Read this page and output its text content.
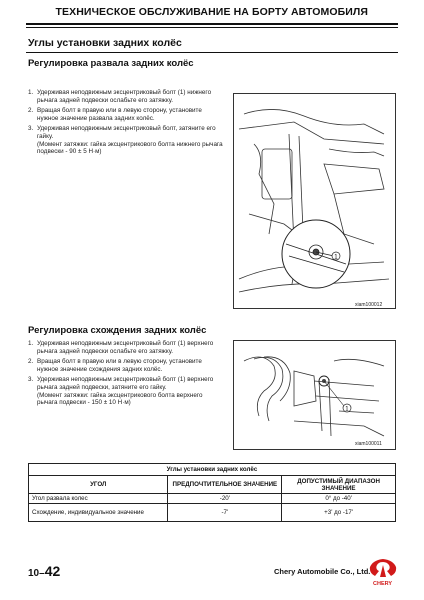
ТЕХНИЧЕСКОЕ ОБСЛУЖИВАНИЕ НА БОРТУ АВТОМОБИЛЯ
Углы установки задних колёс
Регулировка развала задних колёс
1. Удерживая неподвижным эксцентриковый болт (1) нижнего рычага задней подвески ослабьте его затяжку.
2. Вращая болт в правую или в левую сторону, установите нужное значение развала задних колёс.
3. Удерживая неподвижным эксцентриковый болт, затяните его гайку.
(Момент затяжки: гайка эксцентрикового болта нижнего рычага подвески - 90 ± 5 Н·м)
1
xiam100012
Регулировка схождения задних колёс
1. Удерживая неподвижным эксцентриковый болт (1) верхнего рычага задней подвески ослабьте его затяжку.
2. Вращая болт в правую или в левую сторону, установите нужное значение схождения задних колёс.
3. Удерживая неподвижным эксцентриковый болт (1) верхнего рычага задней подвески, затяните его гайку.
(Момент затяжки: гайка эксцентрикового болта верхнего рычага подвески - 150 ± 10 Н·м)
1
xiam100011
Углы установки задних колёс		
УГОЛ	ПРЕДПОЧТИТЕЛЬНОЕ ЗНАЧЕНИЕ	ДОПУСТИМЫЙ ДИАПАЗОН ЗНАЧЕНИЕ
Угол развала колес	-20'	0° до -40'
Схождение, индивидуальное значение	-7'	+3' до -17'
10–42	Chery Automobile Co., Ltd.
CHERY
